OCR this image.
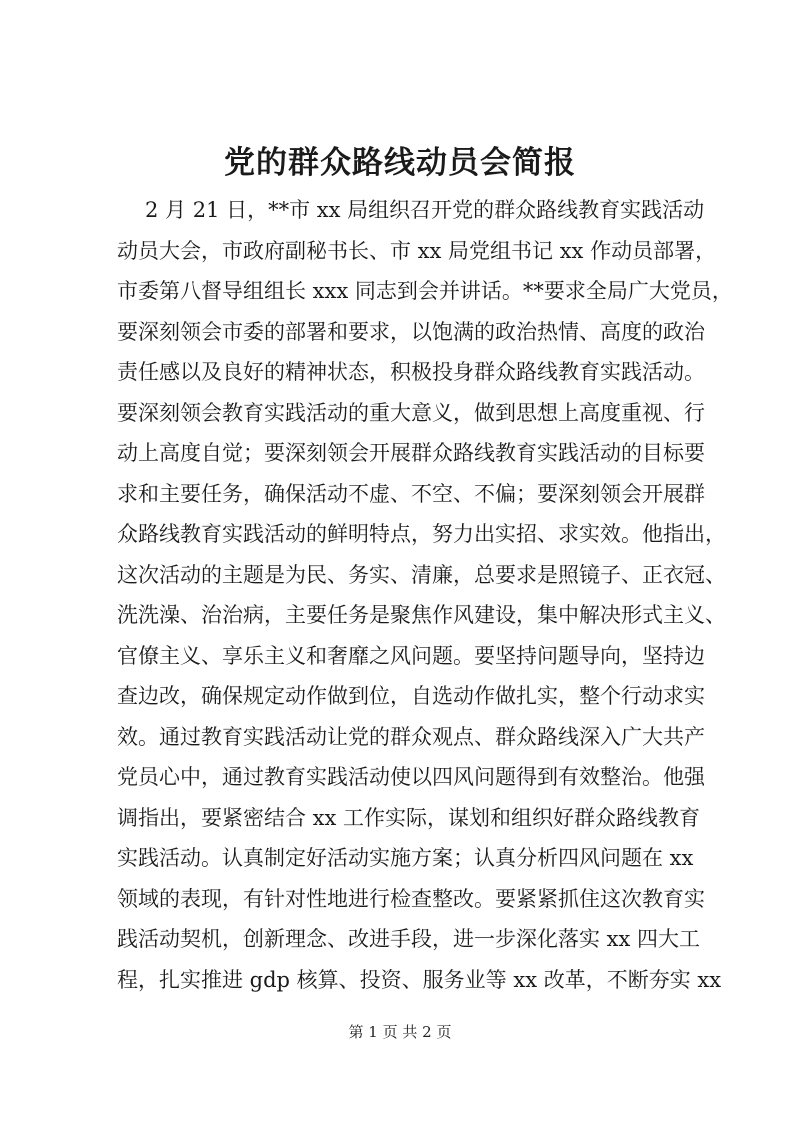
党的群众路线动员会简报
2 月 21 日，**市 xx 局组织召开党的群众路线教育实践活动
动员大会，市政府副秘书长、市 xx 局党组书记 xx 作动员部署，
市委第八督导组组长 xxx 同志到会并讲话。**要求全局广大党员，
要深刻领会市委的部署和要求，以饱满的政治热情、高度的政治
责任感以及良好的精神状态，积极投身群众路线教育实践活动。
要深刻领会教育实践活动的重大意义，做到思想上高度重视、行
动上高度自觉；要深刻领会开展群众路线教育实践活动的目标要
求和主要任务，确保活动不虚、不空、不偏；要深刻领会开展群
众路线教育实践活动的鲜明特点，努力出实招、求实效。他指出，
这次活动的主题是为民、务实、清廉，总要求是照镜子、正衣冠、
洗洗澡、治治病，主要任务是聚焦作风建设，集中解决形式主义、
官僚主义、享乐主义和奢靡之风问题。要坚持问题导向，坚持边
查边改，确保规定动作做到位，自选动作做扎实，整个行动求实
效。通过教育实践活动让党的群众观点、群众路线深入广大共产
党员心中，通过教育实践活动使以四风问题得到有效整治。他强
调指出，要紧密结合 xx 工作实际，谋划和组织好群众路线教育
实践活动。认真制定好活动实施方案；认真分析四风问题在 xx
领域的表现，有针对性地进行检查整改。要紧紧抓住这次教育实
践活动契机，创新理念、改进手段，进一步深化落实 xx 四大工
程，扎实推进 gdp 核算、投资、服务业等 xx 改革，不断夯实 xx
第 1 页 共 2 页
